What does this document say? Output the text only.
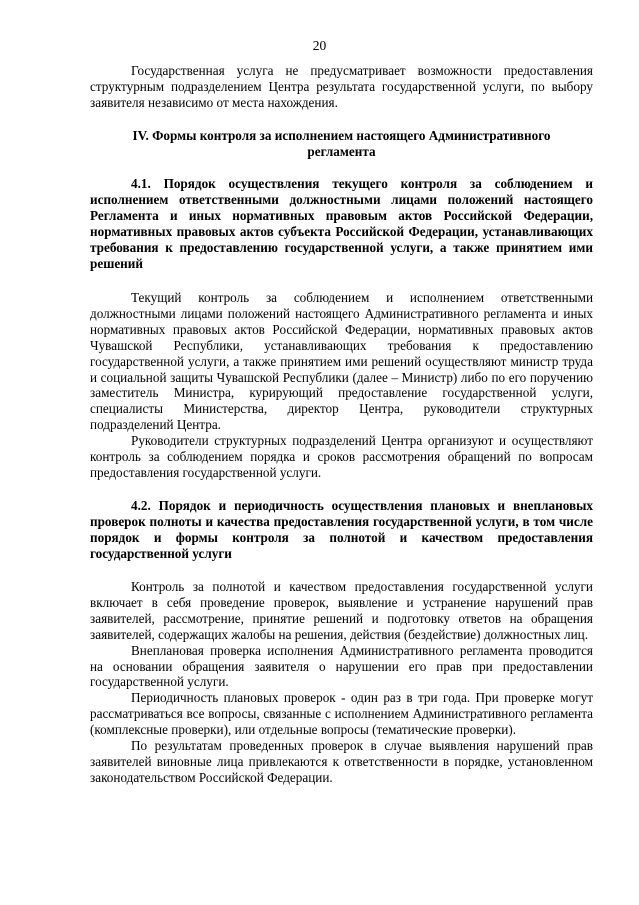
20

Государственная услуга не предусматривает возможности предоставления структурным подразделением Центра результата государственной услуги, по выбору заявителя независимо от места нахождения.

IV. Формы контроля за исполнением настоящего Административного регламента

4.1. Порядок осуществления текущего контроля за соблюдением и исполнением ответственными должностными лицами положений настоящего Регламента и иных нормативных правовым актов Российской Федерации, нормативных правовых актов субъекта Российской Федерации, устанавливающих требования к предоставлению государственной услуги, а также принятием ими решений

Текущий контроль за соблюдением и исполнением ответственными должностными лицами положений настоящего Административного регламента и иных нормативных правовых актов Российской Федерации, нормативных правовых актов Чувашской Республики, устанавливающих требования к предоставлению государственной услуги, а также принятием ими решений осуществляют министр труда и социальной защиты Чувашской Республики (далее – Министр) либо по его поручению заместитель Министра, курирующий предоставление государственной услуги, специалисты Министерства, директор Центра, руководители структурных подразделений Центра.

Руководители структурных подразделений Центра организуют и осуществляют контроль за соблюдением порядка и сроков рассмотрения обращений по вопросам предоставления государственной услуги.

4.2. Порядок и периодичность осуществления плановых и внеплановых проверок полноты и качества предоставления государственной услуги, в том числе порядок и формы контроля за полнотой и качеством предоставления государственной услуги

Контроль за полнотой и качеством предоставления государственной услуги включает в себя проведение проверок, выявление и устранение нарушений прав заявителей, рассмотрение, принятие решений и подготовку ответов на обращения заявителей, содержащих жалобы на решения, действия (бездействие) должностных лиц.

Внеплановая проверка исполнения Административного регламента проводится на основании обращения заявителя о нарушении его прав при предоставлении государственной услуги.

Периодичность плановых проверок - один раз в три года. При проверке могут рассматриваться все вопросы, связанные с исполнением Административного регламента (комплексные проверки), или отдельные вопросы (тематические проверки).

По результатам проведенных проверок в случае выявления нарушений прав заявителей виновные лица привлекаются к ответственности в порядке, установленном законодательством Российской Федерации.
